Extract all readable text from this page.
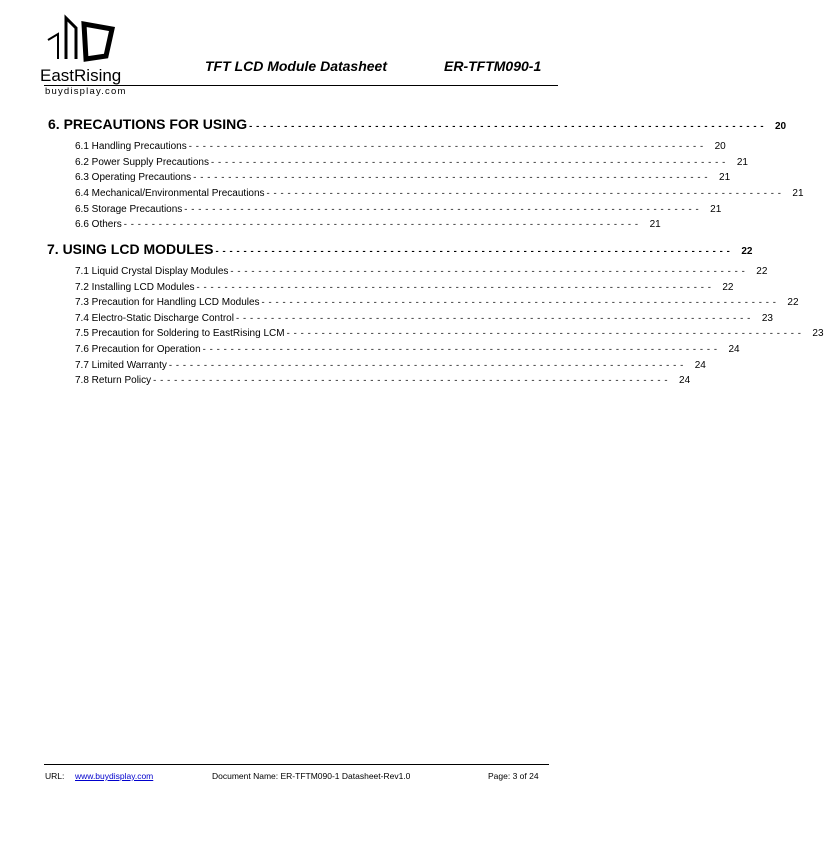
EastRising
buydisplay.com
TFT LCD Module Datasheet	ER-TFTM090-1
6. PRECAUTIONS FOR USING - - - - - - - - - - - - - - - - - - - - - - - - - - - - - - - - - - - - - - - - - - - - - - - - - - - - - - - - - - - - - - - - - - - - - - - - - - 20
6.1 Handling Precautions - - - - - - - - - - - - - - - - - - - - - - - - - - - - - - - - - - - - - - - - - - - - - - - - - - - - - - - - - - - - - - - - - - - - - - - - - - 20
6.2 Power Supply Precautions - - - - - - - - - - - - - - - - - - - - - - - - - - - - - - - - - - - - - - - - - - - - - - - - - - - - - - - - - - - - - - - - - - - - - - - - - - 21
6.3 Operating Precautions - - - - - - - - - - - - - - - - - - - - - - - - - - - - - - - - - - - - - - - - - - - - - - - - - - - - - - - - - - - - - - - - - - - - - - - - - - 21
6.4 Mechanical/Environmental Precautions - - - - - - - - - - - - - - - - - - - - - - - - - - - - - - - - - - - - - - - - - - - - - - - - - - - - - - - - - - - - - - - - - - - - - - - - - - 21
6.5 Storage Precautions - - - - - - - - - - - - - - - - - - - - - - - - - - - - - - - - - - - - - - - - - - - - - - - - - - - - - - - - - - - - - - - - - - - - - - - - - - 21
6.6 Others - - - - - - - - - - - - - - - - - - - - - - - - - - - - - - - - - - - - - - - - - - - - - - - - - - - - - - - - - - - - - - - - - - - - - - - - - - 21
7. USING LCD MODULES - - - - - - - - - - - - - - - - - - - - - - - - - - - - - - - - - - - - - - - - - - - - - - - - - - - - - - - - - - - - - - - - - - - - - - - - - - 22
7.1 Liquid Crystal Display Modules - - - - - - - - - - - - - - - - - - - - - - - - - - - - - - - - - - - - - - - - - - - - - - - - - - - - - - - - - - - - - - - - - - - - - - - - - - 22
7.2 Installing LCD Modules - - - - - - - - - - - - - - - - - - - - - - - - - - - - - - - - - - - - - - - - - - - - - - - - - - - - - - - - - - - - - - - - - - - - - - - - - - 22
7.3 Precaution for Handling LCD Modules - - - - - - - - - - - - - - - - - - - - - - - - - - - - - - - - - - - - - - - - - - - - - - - - - - - - - - - - - - - - - - - - - - - - - - - - - - 22
7.4 Electro-Static Discharge Control - - - - - - - - - - - - - - - - - - - - - - - - - - - - - - - - - - - - - - - - - - - - - - - - - - - - - - - - - - - - - - - - - - - - - - - - - - 23
7.5 Precaution for Soldering to EastRising LCM - - - - - - - - - - - - - - - - - - - - - - - - - - - - - - - - - - - - - - - - - - - - - - - - - - - - - - - - - - - - - - - - - - - - - - - - - - 23
7.6 Precaution for Operation - - - - - - - - - - - - - - - - - - - - - - - - - - - - - - - - - - - - - - - - - - - - - - - - - - - - - - - - - - - - - - - - - - - - - - - - - - 24
7.7 Limited Warranty - - - - - - - - - - - - - - - - - - - - - - - - - - - - - - - - - - - - - - - - - - - - - - - - - - - - - - - - - - - - - - - - - - - - - - - - - - 24
7.8 Return Policy - - - - - - - - - - - - - - - - - - - - - - - - - - - - - - - - - - - - - - - - - - - - - - - - - - - - - - - - - - - - - - - - - - - - - - - - - - 24
URL: www.buydisplay.com	Document Name: ER-TFTM090-1 Datasheet-Rev1.0	Page: 3 of 24
